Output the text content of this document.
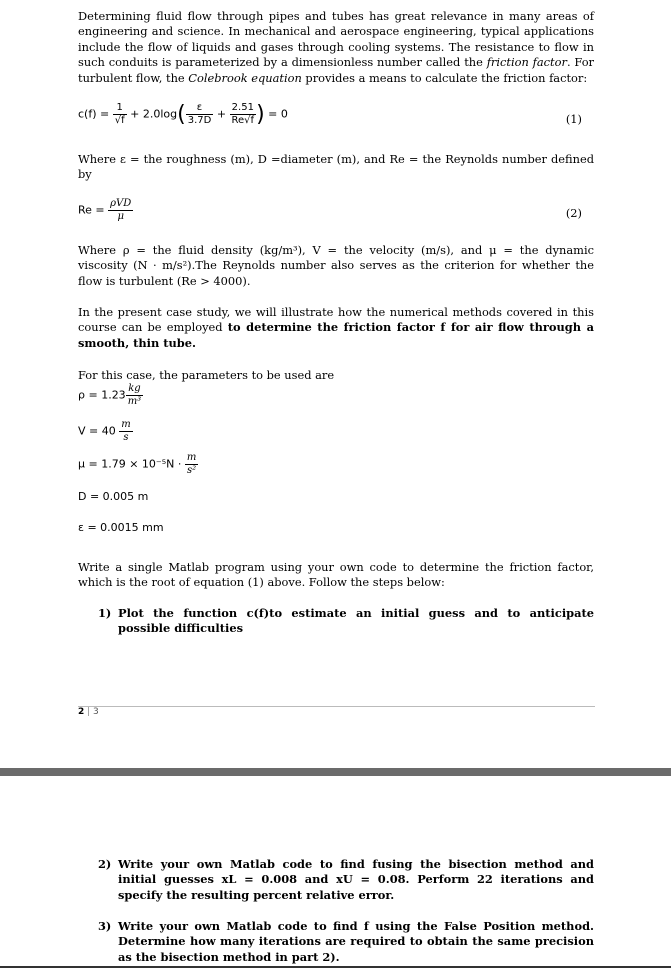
Determining fluid flow through pipes and tubes has great relevance in many areas of engineering and science. In mechanical and aerospace engineering, typical applications include the flow of liquids and gases through cooling systems. The resistance to flow in such conduits is parameterized by a dimensionless number called the friction factor. For turbulent flow, the Colebrook equation provides a means to calculate the friction factor:
$c(f) = \frac{1}{√f} + 2.0\log( \frac{\varepsilon}{3.7D} + \frac{2.51}{Re√f}$ ) = 0	(1)
Where ε = the roughness (m), D =diameter (m), and Re = the Reynolds number defined by
$Re = \frac{\text{ρVD}}{\mu}$	(2)
Where ρ = the fluid density (kg/m³), V = the velocity (m/s), and μ = the dynamic viscosity (N · m/s²).The Reynolds number also serves as the criterion for whether the flow is turbulent (Re > 4000).
In the present case study, we will illustrate how the numerical methods covered in this course can be employed to determine the friction factor f for air flow through a smooth, thin tube.
For this case, the parameters to be used are
$\rho = 1.23 \frac{kg}{\text{m³}}$
$V = 40 \frac{m}{s}$
$\mu = 1.79 \times 10^{-5}N \cdot \frac{m}{\text{s²}}$
D = 0.005 m
ε = 0.0015 mm
Write a single Matlab program using your own code to determine the friction factor, which is the root of equation (1) above. Follow the steps below:
1) Plot the function c(f)to estimate an initial guess and to anticipate possible difficulties
2 | 3
2) Write your own Matlab code to find fusing the bisection method and initial guesses xL = 0.008 and xU = 0.08. Perform 22 iterations and specify the resulting percent relative error.
3) Write your own Matlab code to find f using the False Position method. Determine how many iterations are required to obtain the same precision as the bisection method in part 2).
